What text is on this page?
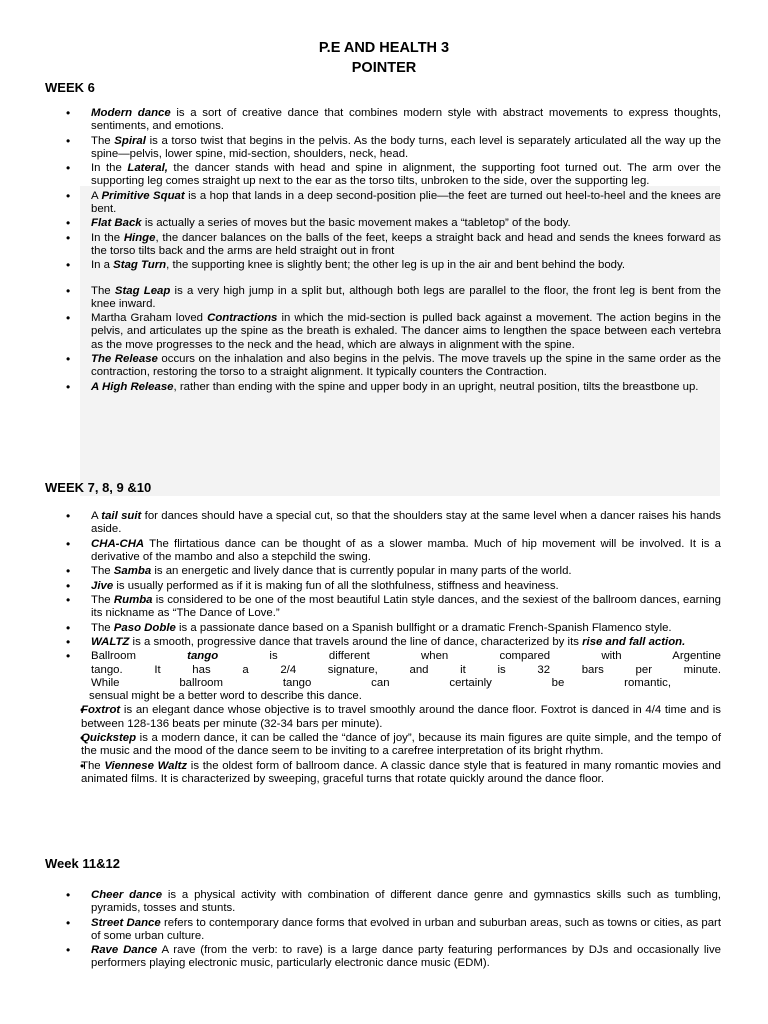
P.E AND HEALTH 3
POINTER
WEEK 6
• Modern dance is a sort of creative dance that combines modern style with abstract movements to express thoughts, sentiments, and emotions.
• The Spiral is a torso twist that begins in the pelvis. As the body turns, each level is separately articulated all the way up the spine—pelvis, lower spine, mid-section, shoulders, neck, head.
• In the Lateral, the dancer stands with head and spine in alignment, the supporting foot turned out. The arm over the supporting leg comes straight up next to the ear as the torso tilts, unbroken to the side, over the supporting leg.
• A Primitive Squat is a hop that lands in a deep second-position plie—the feet are turned out heel-to-heel and the knees are bent.
• Flat Back is actually a series of moves but the basic movement makes a “tabletop” of the body.
• In the Hinge, the dancer balances on the balls of the feet, keeps a straight back and head and sends the knees forward as the torso tilts back and the arms are held straight out in front
• In a Stag Turn, the supporting knee is slightly bent; the other leg is up in the air and bent behind the body.
• The Stag Leap is a very high jump in a split but, although both legs are parallel to the floor, the front leg is bent from the knee inward.
• Martha Graham loved Contractions in which the mid-section is pulled back against a movement. The action begins in the pelvis, and articulates up the spine as the breath is exhaled. The dancer aims to lengthen the space between each vertebra as the move progresses to the neck and the head, which are always in alignment with the spine.
• The Release occurs on the inhalation and also begins in the pelvis. The move travels up the spine in the same order as the contraction, restoring the torso to a straight alignment. It typically counters the Contraction.
• A High Release, rather than ending with the spine and upper body in an upright, neutral position, tilts the breastbone up.
WEEK 7, 8, 9 &10
• A tail suit for dances should have a special cut, so that the shoulders stay at the same level when a dancer raises his hands aside.
• CHA-CHA The flirtatious dance can be thought of as a slower mamba. Much of hip movement will be involved. It is a derivative of the mambo and also a stepchild the swing.
• The Samba is an energetic and lively dance that is currently popular in many parts of the world.
• Jive is usually performed as if it is making fun of all the slothfulness, stiffness and heaviness.
• The Rumba is considered to be one of the most beautiful Latin style dances, and the sexiest of the ballroom dances, earning its nickname as “The Dance of Love.”
• The Paso Doble is a passionate dance based on a Spanish bullfight or a dramatic French-Spanish Flamenco style.
• WALTZ is a smooth, progressive dance that travels around the line of dance, characterized by its rise and fall action.
• Ballroom tango is different when compared with Argentine
tango. It has a 2/4 signature, and it is 32 bars per minute.
While ballroom tango can certainly be romantic,
sensual might be a better word to describe this dance.
• Foxtrot is an elegant dance whose objective is to travel smoothly around the dance floor. Foxtrot is danced in 4/4 time and is between 128-136 beats per minute (32-34 bars per minute).
• Quickstep is a modern dance, it can be called the “dance of joy”, because its main figures are quite simple, and the tempo of the music and the mood of the dance seem to be inviting to a carefree interpretation of its bright rhythm.
• The Viennese Waltz is the oldest form of ballroom dance. A classic dance style that is featured in many romantic movies and animated films. It is characterized by sweeping, graceful turns that rotate quickly around the dance floor.
Week 11&12
• Cheer dance is a physical activity with combination of different dance genre and gymnastics skills such as tumbling, pyramids, tosses and stunts.
• Street Dance refers to contemporary dance forms that evolved in urban and suburban areas, such as towns or cities, as part of some urban culture.
• Rave Dance A rave (from the verb: to rave) is a large dance party featuring performances by DJs and occasionally live performers playing electronic music, particularly electronic dance music (EDM).
